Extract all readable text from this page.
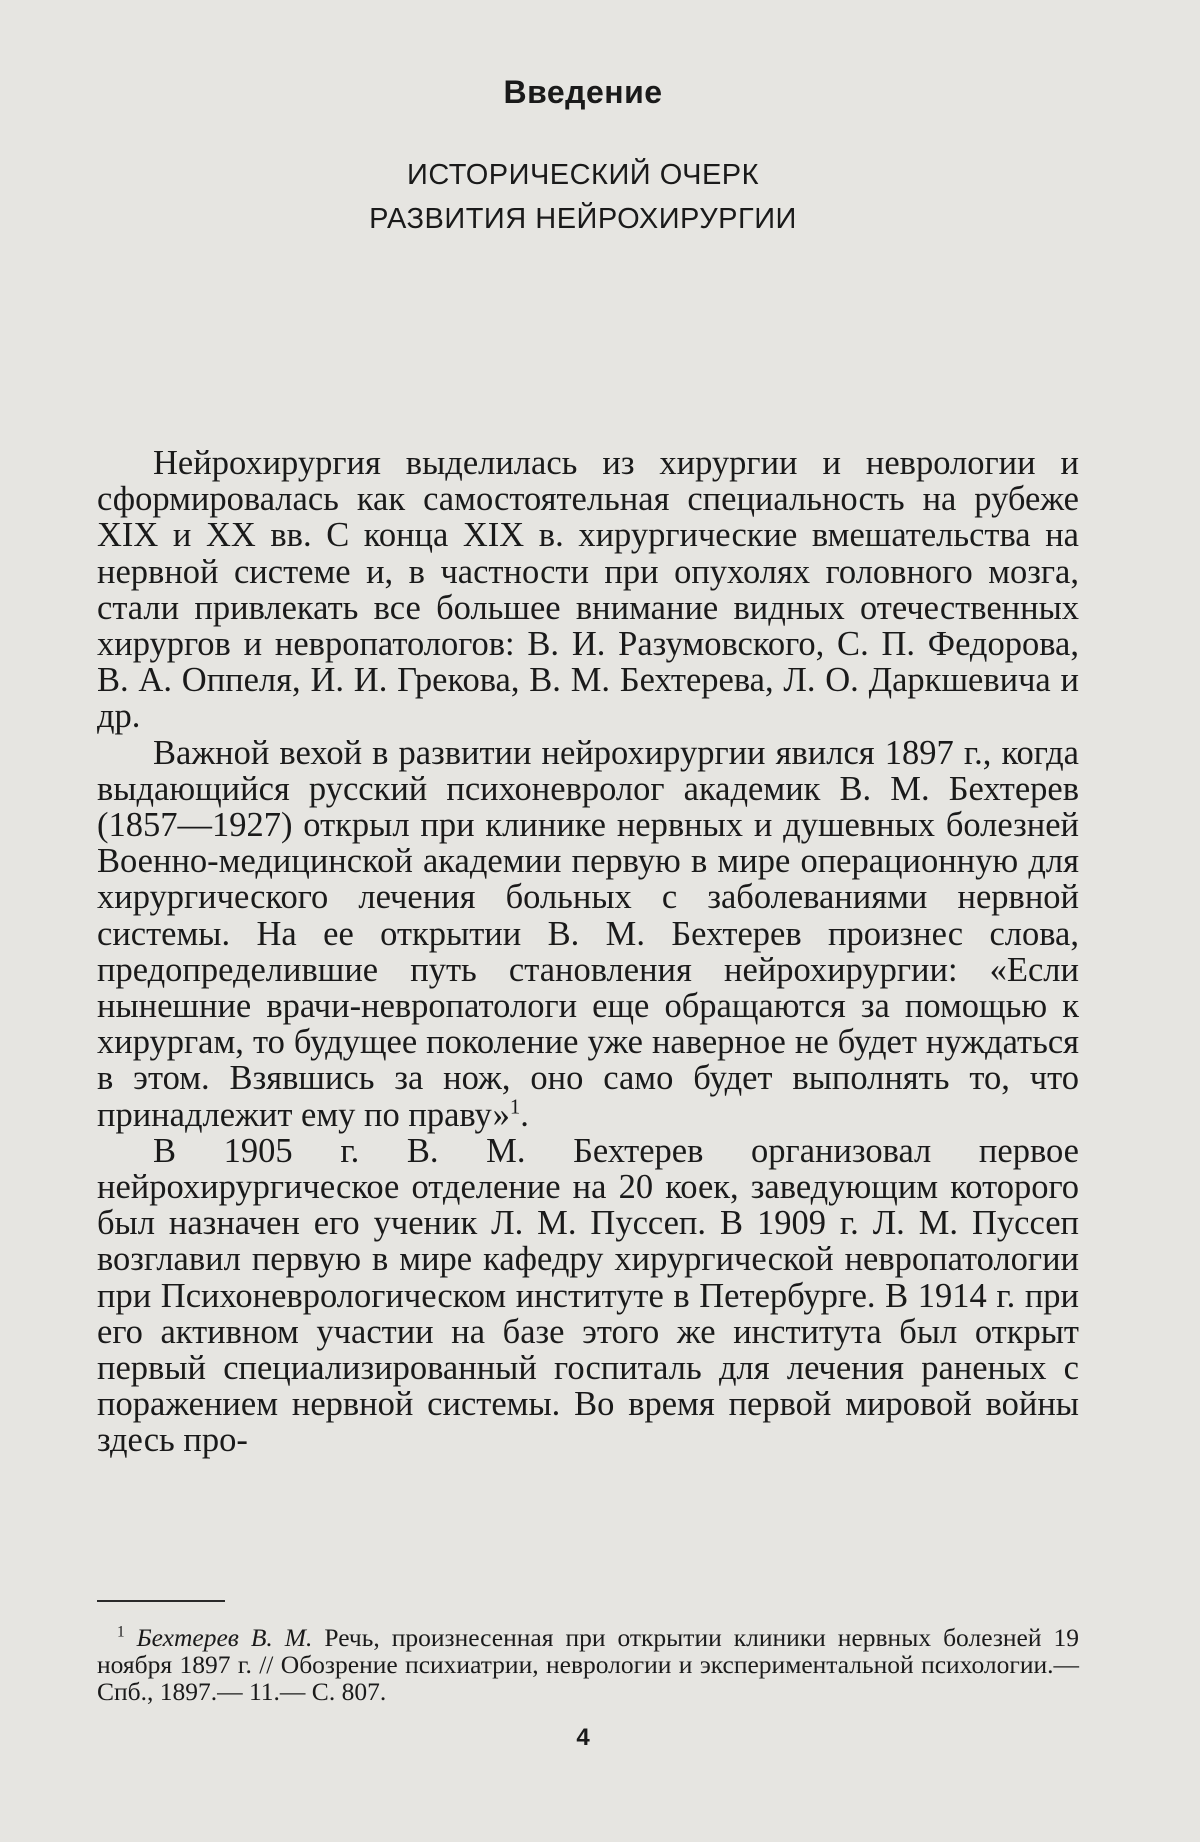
Введение
ИСТОРИЧЕСКИЙ ОЧЕРК
РАЗВИТИЯ НЕЙРОХИРУРГИИ

Нейрохирургия выделилась из хирургии и неврологии и сформировалась как самостоятельная специальность на рубеже XIX и XX вв. С конца XIX в. хирургические вмешательства на нервной системе и, в частности при опухолях головного мозга, стали привлекать все большее внимание видных отечественных хирургов и невропатологов: В. И. Разумовского, С. П. Федорова, В. А. Оппеля, И. И. Грекова, В. М. Бехтерева, Л. О. Даркшевича и др.

Важной вехой в развитии нейрохирургии явился 1897 г., когда выдающийся русский психоневролог академик В. М. Бехтерев (1857—1927) открыл при клинике нервных и душевных болезней Военно-медицинской академии первую в мире операционную для хирургического лечения больных с заболеваниями нервной системы. На ее открытии В. М. Бехтерев произнес слова, предопределившие путь становления нейрохирургии: «Если нынешние врачи-невропатологи еще обращаются за помощью к хирургам, то будущее поколение уже наверное не будет нуждаться в этом. Взявшись за нож, оно само будет выполнять то, что принадлежит ему по праву»$^1$.

В 1905 г. В. М. Бехтерев организовал первое нейрохирургическое отделение на 20 коек, заведующим которого был назначен его ученик Л. М. Пуссеп. В 1909 г. Л. М. Пуссеп возглавил первую в мире кафедру хирургической невропатологии при Психоневрологическом институте в Петербурге. В 1914 г. при его активном участии на базе этого же института был открыт первый специализированный госпиталь для лечения раненых с поражением нервной системы. Во время первой мировой войны здесь про-

$^1$ Бехтерев В. М. Речь, произнесенная при открытии клиники нервных болезней 19 ноября 1897 г. // Обозрение психиатрии, неврологии и экспериментальной психологии.— Спб., 1897.— 11.— С. 807.
4
